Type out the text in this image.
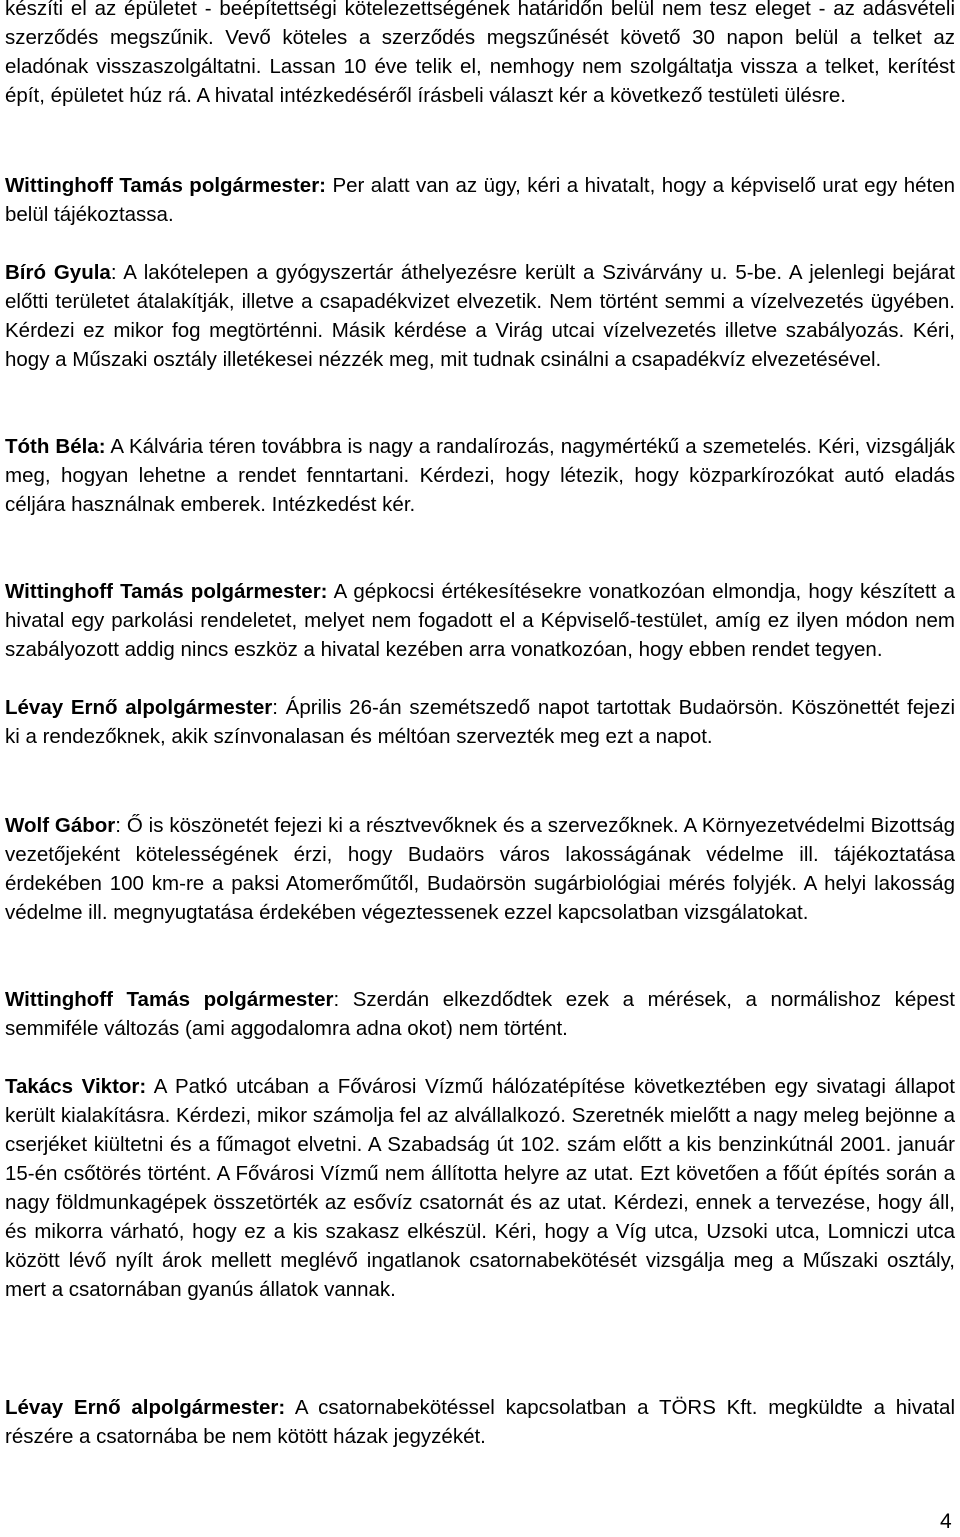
készíti el az épületet - beépítettségi kötelezettségének határidőn belül nem tesz eleget - az adásvételi szerződés megszűnik. Vevő köteles a szerződés megszűnését követő 30 napon belül a telket az eladónak visszaszolgáltatni. Lassan 10 éve telik el, nemhogy nem szolgáltatja vissza a telket, kerítést épít, épületet húz rá. A hivatal intézkedéséről írásbeli választ kér a következő testületi ülésre.

Wittinghoff Tamás polgármester: Per alatt van az ügy, kéri a hivatalt, hogy a képviselő urat egy héten belül tájékoztassa.

Bíró Gyula: A lakótelepen a gyógyszertár áthelyezésre került a Szivárvány u. 5-be. A jelenlegi bejárat előtti területet átalakítják, illetve a csapadékvizet elvezetik. Nem történt semmi a vízelvezetés ügyében. Kérdezi ez mikor fog megtörténni. Másik kérdése a Virág utcai vízelvezetés illetve szabályozás. Kéri, hogy a Műszaki osztály illetékesei nézzék meg, mit tudnak csinálni a csapadékvíz elvezetésével.

Tóth Béla: A Kálvária téren továbbra is nagy a randalírozás, nagymértékű a szemetelés. Kéri, vizsgálják meg, hogyan lehetne a rendet fenntartani. Kérdezi, hogy létezik, hogy közparkírozókat autó eladás céljára használnak emberek. Intézkedést kér.

Wittinghoff Tamás polgármester: A gépkocsi értékesítésekre vonatkozóan elmondja, hogy készített a hivatal egy parkolási rendeletet, melyet nem fogadott el a Képviselő-testület, amíg ez ilyen módon nem szabályozott addig nincs eszköz a hivatal kezében arra vonatkozóan, hogy ebben rendet tegyen.

Lévay Ernő alpolgármester: Április 26-án szemétszedő napot tartottak Budaörsön. Köszönettét fejezi ki a rendezőknek, akik színvonalasan és méltóan szervezték meg ezt a napot.

Wolf Gábor: Ő is köszönetét fejezi ki a résztvevőknek és a szervezőknek. A Környezetvédelmi Bizottság vezetőjeként kötelességének érzi, hogy Budaörs város lakosságának védelme ill. tájékoztatása érdekében 100 km-re a paksi Atomerőműtől, Budaörsön sugárbiológiai mérés folyjék. A helyi lakosság védelme ill. megnyugtatása érdekében végeztessenek ezzel kapcsolatban vizsgálatokat.

Wittinghoff Tamás polgármester: Szerdán elkezdődtek ezek a mérések, a normálishoz képest semmiféle változás (ami aggodalomra adna okot) nem történt.

Takács Viktor: A Patkó utcában a Fővárosi Vízmű hálózatépítése következtében egy sivatagi állapot került kialakításra. Kérdezi, mikor számolja fel az alvállalkozó. Szeretnék mielőtt a nagy meleg bejönne a cserjéket kiültetni és a fűmagot elvetni. A Szabadság út 102. szám előtt a kis benzinkútnál 2001. január 15-én csőtörés történt. A Fővárosi Vízmű nem állította helyre az utat. Ezt követően a főút építés során a nagy földmunkagépek összetörték az esővíz csatornát és az utat. Kérdezi, ennek a tervezése, hogy áll, és mikorra várható, hogy ez a kis szakasz elkészül. Kéri, hogy a Víg utca, Uzsoki utca, Lomniczi utca között lévő nyílt árok mellett meglévő ingatlanok csatornabekötését vizsgálja meg a Műszaki osztály, mert a csatornában gyanús állatok vannak.

Lévay Ernő alpolgármester: A csatornabekötéssel kapcsolatban a TÖRS Kft. megküldte a hivatal részére a csatornába be nem kötött házak jegyzékét.

4
